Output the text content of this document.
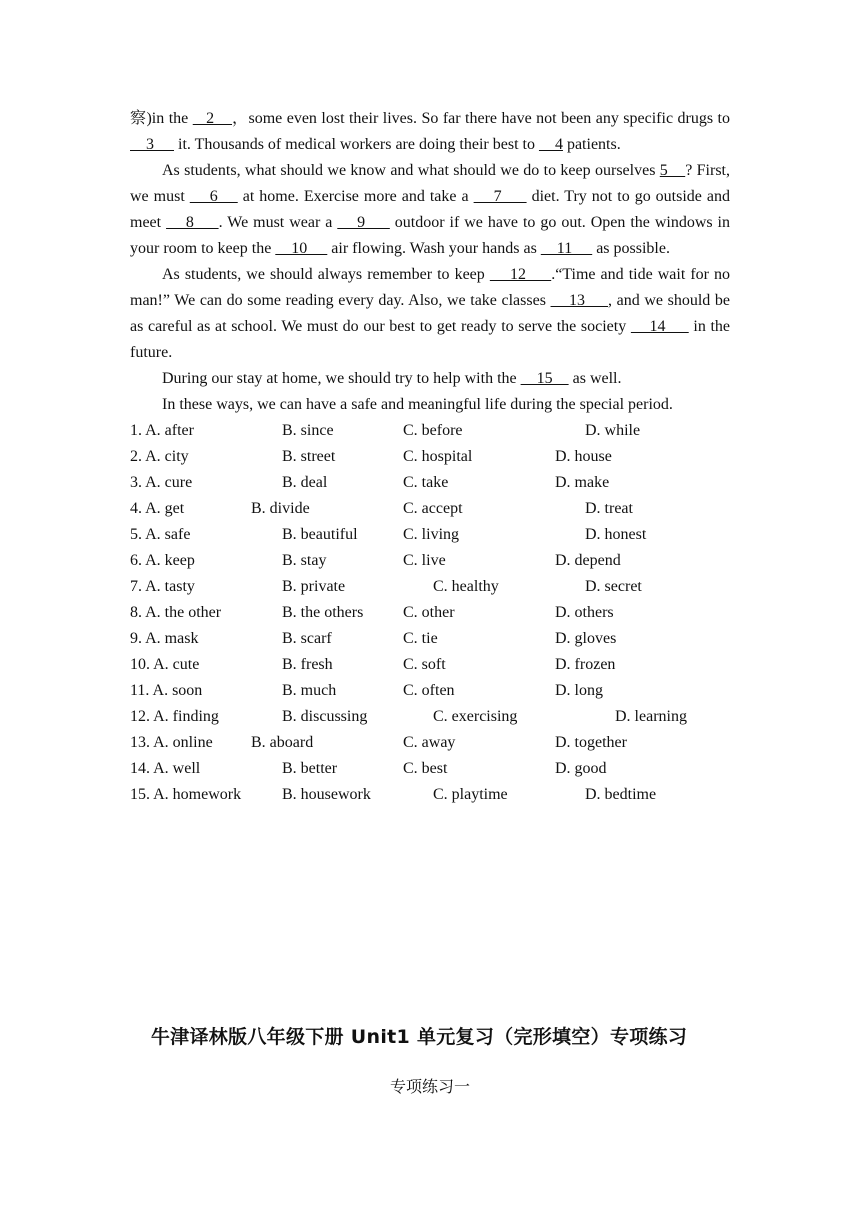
察)in the    2    ，some even lost their lives. So far there have not been any specific drugs to     3      it. Thousands of medical workers are doing their best to     4 patients.

As students, what should we know and what should we do to keep ourselves 5    ? First, we must     6     at home. Exercise more and take a     7      diet. Try not to go outside and meet     8     . We must wear a     9      outdoor if we have to go out. Open the windows in your room to keep the     10      air flowing. Wash your hands as     11      as possible.

As students, we should always remember to keep     12     .“Time and tide wait for no man!” We can do some reading every day. Also, we take classes     13     , and we should be as careful as at school. We must do our best to get ready to serve the society     14      in the future.

During our stay at home, we should try to help with the     15     as well.

In these ways, we can have a safe and meaningful life during the special period.

1. A. after	B. since	C. before	D. while
2. A. city	B. street	C. hospital	D. house
3. A. cure	B. deal	C. take	D. make
4. A. get	B. divide	C. accept	D. treat
5. A. safe	B. beautiful	C. living	D. honest
6. A. keep	B. stay	C. live	D. depend
7. A. tasty	B. private	C. healthy	D. secret
8. A. the other	B. the others C. other	D. others
9. A. mask	B. scarf	C. tie	D. gloves
10. A. cute	B. fresh	C. soft	D. frozen
11. A. soon	B. much	C. often	D. long
12. A. finding	B. discussing	C. exercising	D. learning
13. A. online B. aboard	C. away	D. together
14. A. well	B. better	C. best	D. good
15. A. homework	B. housework	C. playtime	D. bedtime
牛津译林版八年级下册 Unit1 单元复习（完形填空）专项练习
专项练习一
